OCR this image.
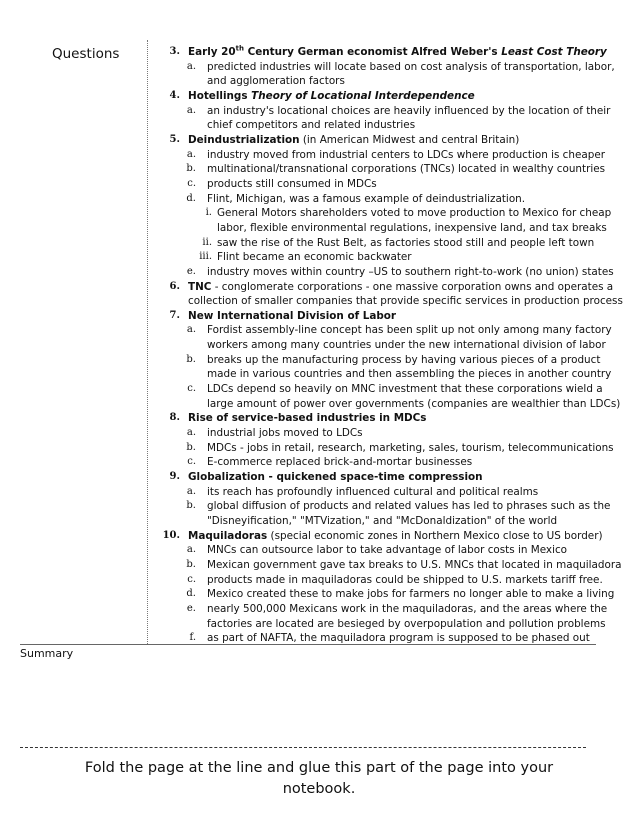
Questions	3. Early 20th Century German economist Alfred Weber's Least Cost Theory
a. predicted industries will locate based on cost analysis of transportation, labor,
and agglomeration factors
4. Hotellings Theory of Locational Interdependence
a. an industry's locational choices are heavily influenced by the location of their
chief competitors and related industries
5. Deindustrialization (in American Midwest and central Britain)
a. industry moved from industrial centers to LDCs where production is cheaper
b. multinational/transnational corporations (TNCs) located in wealthy countries
c. products still consumed in MDCs
d. Flint, Michigan, was a famous example of deindustrialization.
i. General Motors shareholders voted to move production to Mexico for cheap
labor, flexible environmental regulations, inexpensive land, and tax breaks
ii. saw the rise of the Rust Belt, as factories stood still and people left town
iii. Flint became an economic backwater
e. industry moves within country –US to southern right-to-work (no union) states
6. TNC - conglomerate corporations - one massive corporation owns and operates a
collection of smaller companies that provide specific services in production process
7. New International Division of Labor
a. Fordist assembly-line concept has been split up not only among many factory
workers among many countries under the new international division of labor
b. breaks up the manufacturing process by having various pieces of a product
made in various countries and then assembling the pieces in another country
c. LDCs depend so heavily on MNC investment that these corporations wield a
large amount of power over governments (companies are wealthier than LDCs)
8. Rise of service-based industries in MDCs
a. industrial jobs moved to LDCs
b. MDCs - jobs in retail, research, marketing, sales, tourism, telecommunications
c. E-commerce replaced brick-and-mortar businesses
9. Globalization - quickened space-time compression
a. its reach has profoundly influenced cultural and political realms
b. global diffusion of products and related values has led to phrases such as the
"Disneyification," "MTVization," and "McDonaldization" of the world
10. Maquiladoras (special economic zones in Northern Mexico close to US border)
a. MNCs can outsource labor to take advantage of labor costs in Mexico
b. Mexican government gave tax breaks to U.S. MNCs that located in maquiladora
c. products made in maquiladoras could be shipped to U.S. markets tariff free.
d. Mexico created these to make jobs for farmers no longer able to make a living
e. nearly 500,000 Mexicans work in the maquiladoras, and the areas where the
factories are located are besieged by overpopulation and pollution problems
f. as part of NAFTA, the maquiladora program is supposed to be phased out
Summary
Fold the page at the line and glue this part of the page into your notebook.
